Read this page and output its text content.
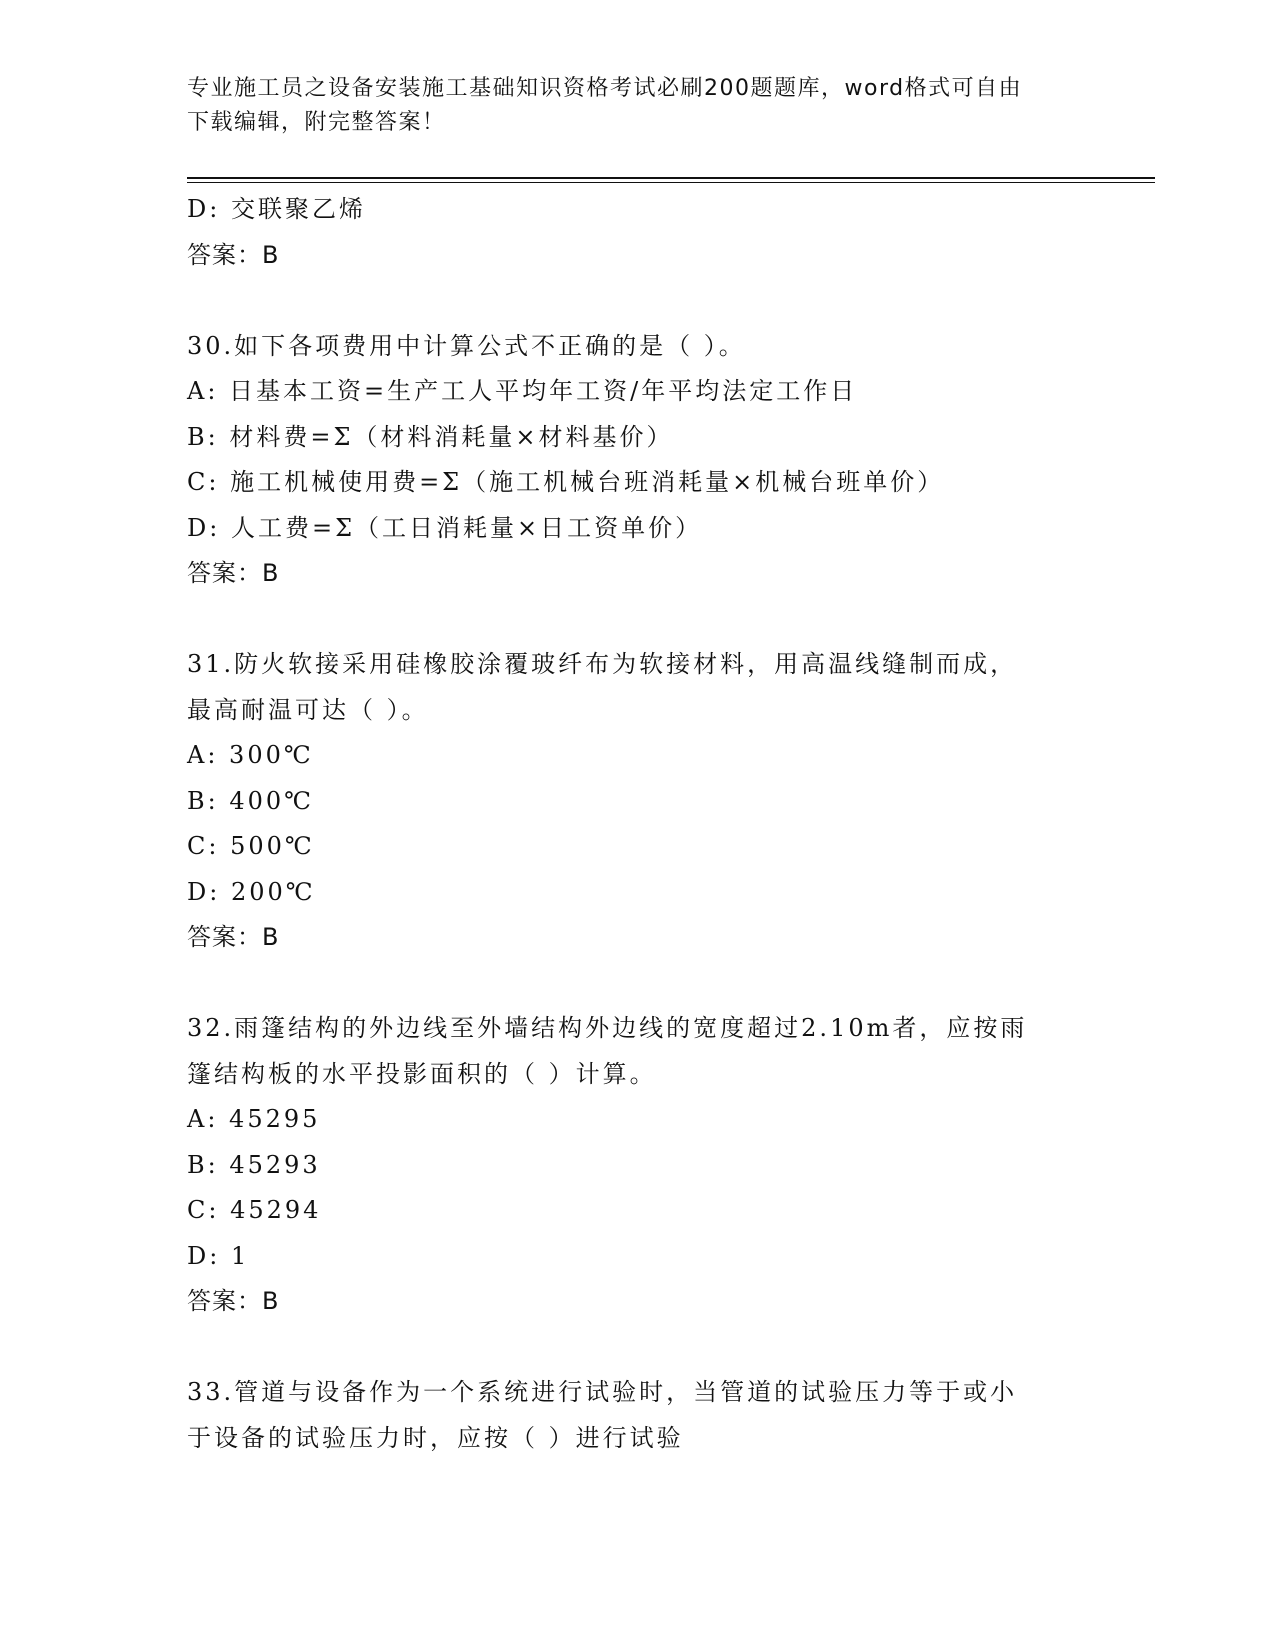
专业施工员之设备安装施工基础知识资格考试必刷200题题库，word格式可自由
下载编辑，附完整答案！

D: 交联聚乙烯

答案：B

30.如下各项费用中计算公式不正确的是（ ）。

A: 日基本工资=生产工人平均年工资/年平均法定工作日

B: 材料费=Σ（材料消耗量×材料基价）

C: 施工机械使用费=Σ（施工机械台班消耗量×机械台班单价）

D: 人工费=Σ（工日消耗量×日工资单价）

答案：B

31.防火软接采用硅橡胶涂覆玻纤布为软接材料，用高温线缝制而成，

最高耐温可达（ ）。

A: 300℃

B: 400℃

C: 500℃

D: 200℃

答案：B

32.雨篷结构的外边线至外墙结构外边线的宽度超过2.10m者，应按雨

篷结构板的水平投影面积的（ ）计算。

A: 45295

B: 45293

C: 45294

D: 1

答案：B

33.管道与设备作为一个系统进行试验时，当管道的试验压力等于或小

于设备的试验压力时，应按（ ）进行试验
